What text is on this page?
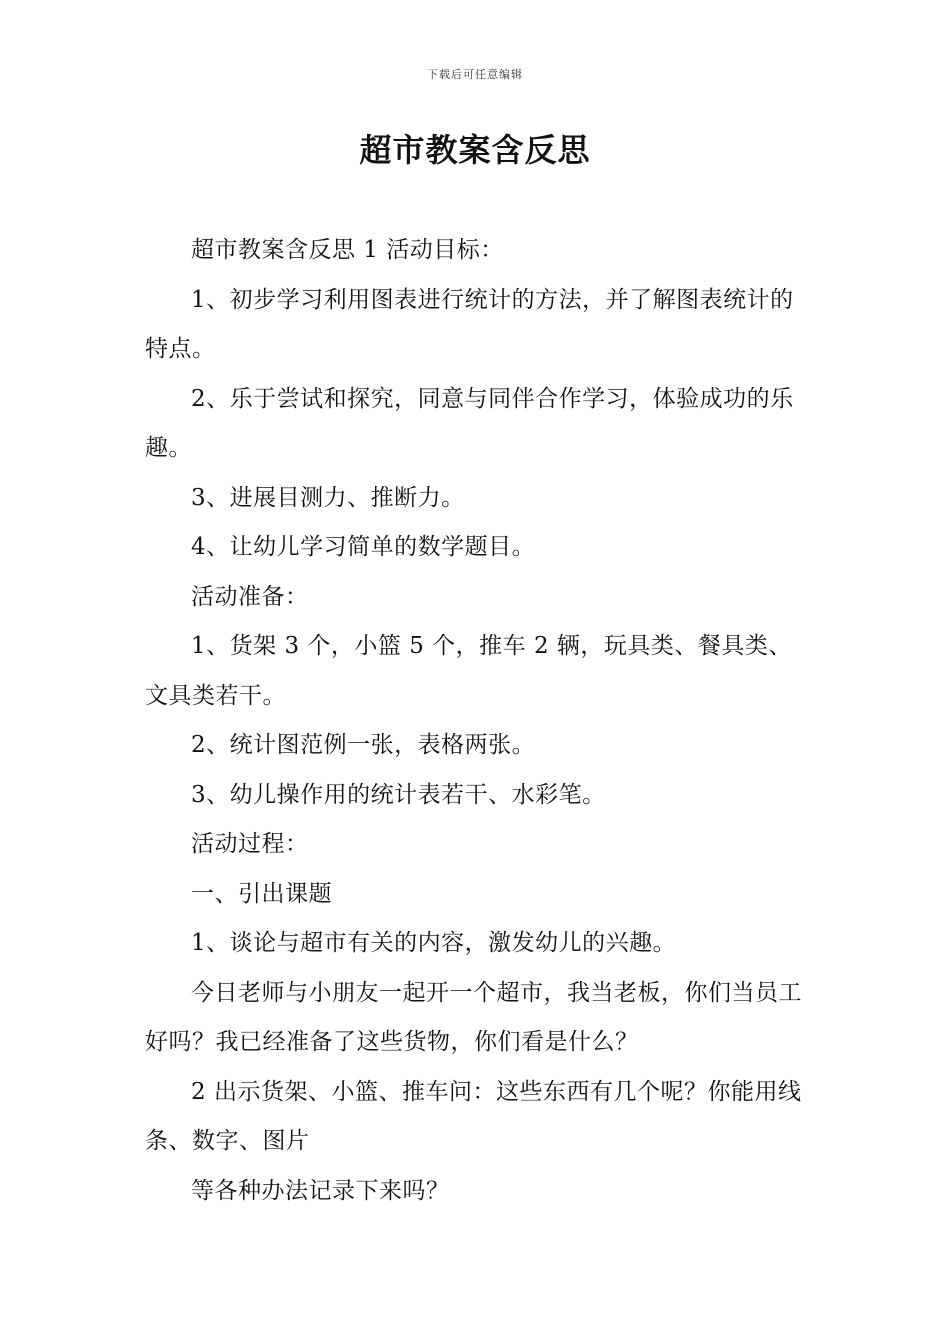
下载后可任意编辑
超市教案含反思

超市教案含反思 1 活动目标：

1、初步学习利用图表进行统计的方法，并了解图表统计的特点。

2、乐于尝试和探究，同意与同伴合作学习，体验成功的乐趣。

3、进展目测力、推断力。

4、让幼儿学习简单的数学题目。

活动准备：

1、货架 3 个，小篮 5 个，推车 2 辆，玩具类、餐具类、文具类若干。

2、统计图范例一张，表格两张。

3、幼儿操作用的统计表若干、水彩笔。

活动过程：

一、引出课题

1、谈论与超市有关的内容，激发幼儿的兴趣。

今日老师与小朋友一起开一个超市，我当老板，你们当员工好吗？我已经准备了这些货物，你们看是什么？

2 出示货架、小篮、推车问：这些东西有几个呢？你能用线条、数字、图片

等各种办法记录下来吗？
